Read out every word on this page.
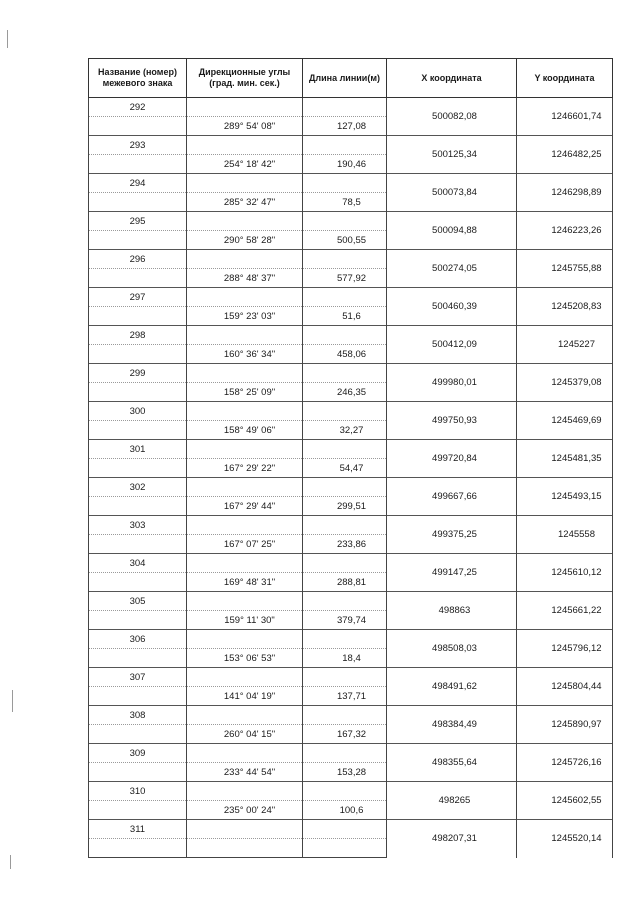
Название (номер) межевого знака	Дирекционные углы (град. мин. сек.)	Длина линии(м)	X координата	Y координата
292			500082,08	1246601,74
	289° 54' 08"	127,08		
293			500125,34	1246482,25
	254° 18' 42"	190,46		
294			500073,84	1246298,89
	285° 32' 47"	78,5		
295			500094,88	1246223,26
	290° 58' 28"	500,55		
296			500274,05	1245755,88
	288° 48' 37"	577,92		
297			500460,39	1245208,83
	159° 23' 03"	51,6		
298			500412,09	1245227
	160° 36' 34"	458,06		
299			499980,01	1245379,08
	158° 25' 09"	246,35		
300			499750,93	1245469,69
	158° 49' 06"	32,27		
301			499720,84	1245481,35
	167° 29' 22"	54,47		
302			499667,66	1245493,15
	167° 29' 44"	299,51		
303			499375,25	1245558
	167° 07' 25"	233,86		
304			499147,25	1245610,12
	169° 48' 31"	288,81		
305			498863	1245661,22
	159° 11' 30"	379,74		
306			498508,03	1245796,12
	153° 06' 53"	18,4		
307			498491,62	1245804,44
	141° 04' 19"	137,71		
308			498384,49	1245890,97
	260° 04' 15"	167,32		
309			498355,64	1245726,16
	233° 44' 54"	153,28		
310			498265	1245602,55
	235° 00' 24"	100,6		
311			498207,31	1245520,14
